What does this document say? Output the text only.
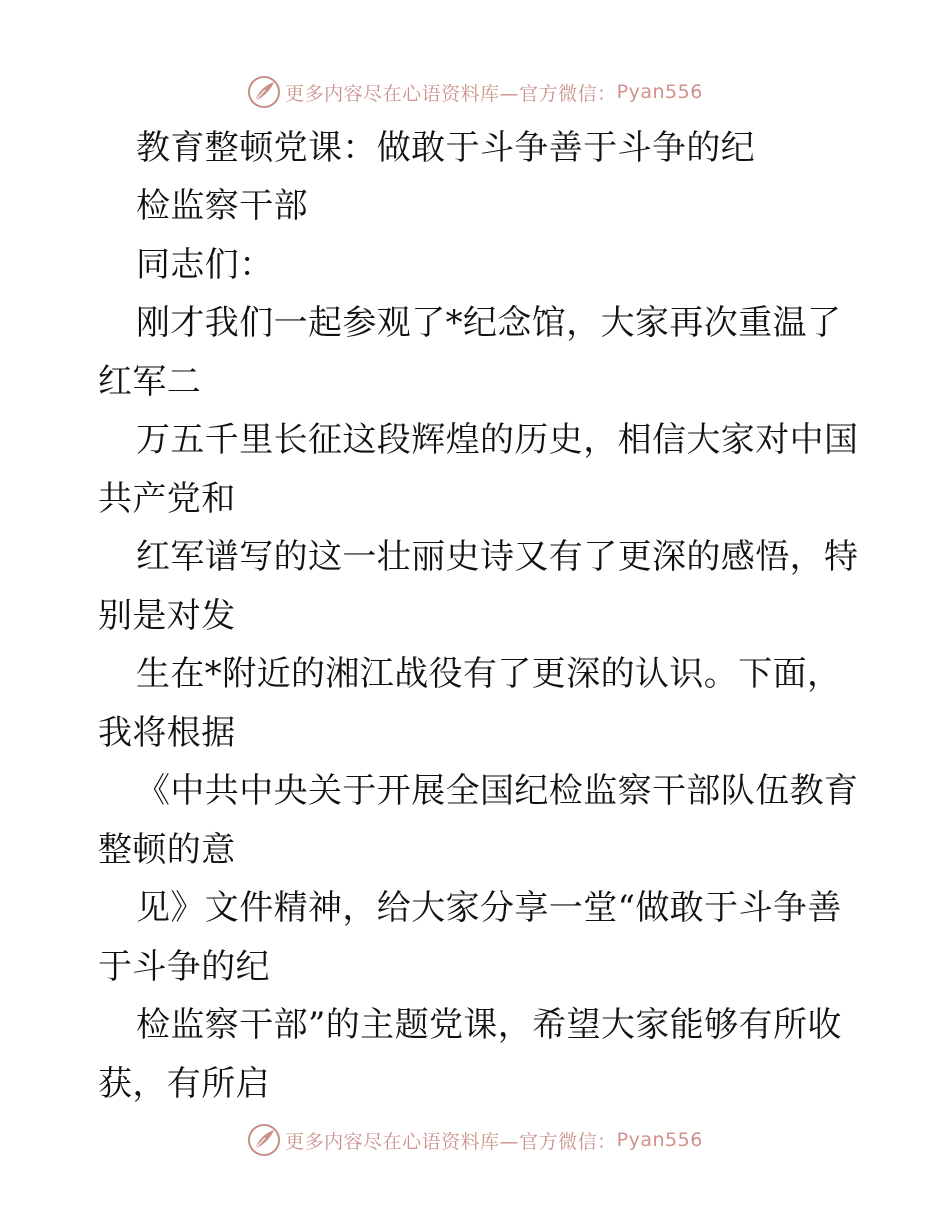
更多内容尽在心语资料库—官方微信： Pyan556
教育整顿党课：做敢于斗争善于斗争的纪
检监察干部
同志们：
刚才我们一起参观了*纪念馆，大家再次重温了
红军二
万五千里长征这段辉煌的历史，相信大家对中国
共产党和
红军谱写的这一壮丽史诗又有了更深的感悟，特
别是对发
生在*附近的湘江战役有了更深的认识。下面，
我将根据
《中共中央关于开展全国纪检监察干部队伍教育
整顿的意
见》文件精神，给大家分享一堂“做敢于斗争善
于斗争的纪
检监察干部”的主题党课，希望大家能够有所收
获，有所启
更多内容尽在心语资料库—官方微信： Pyan556
